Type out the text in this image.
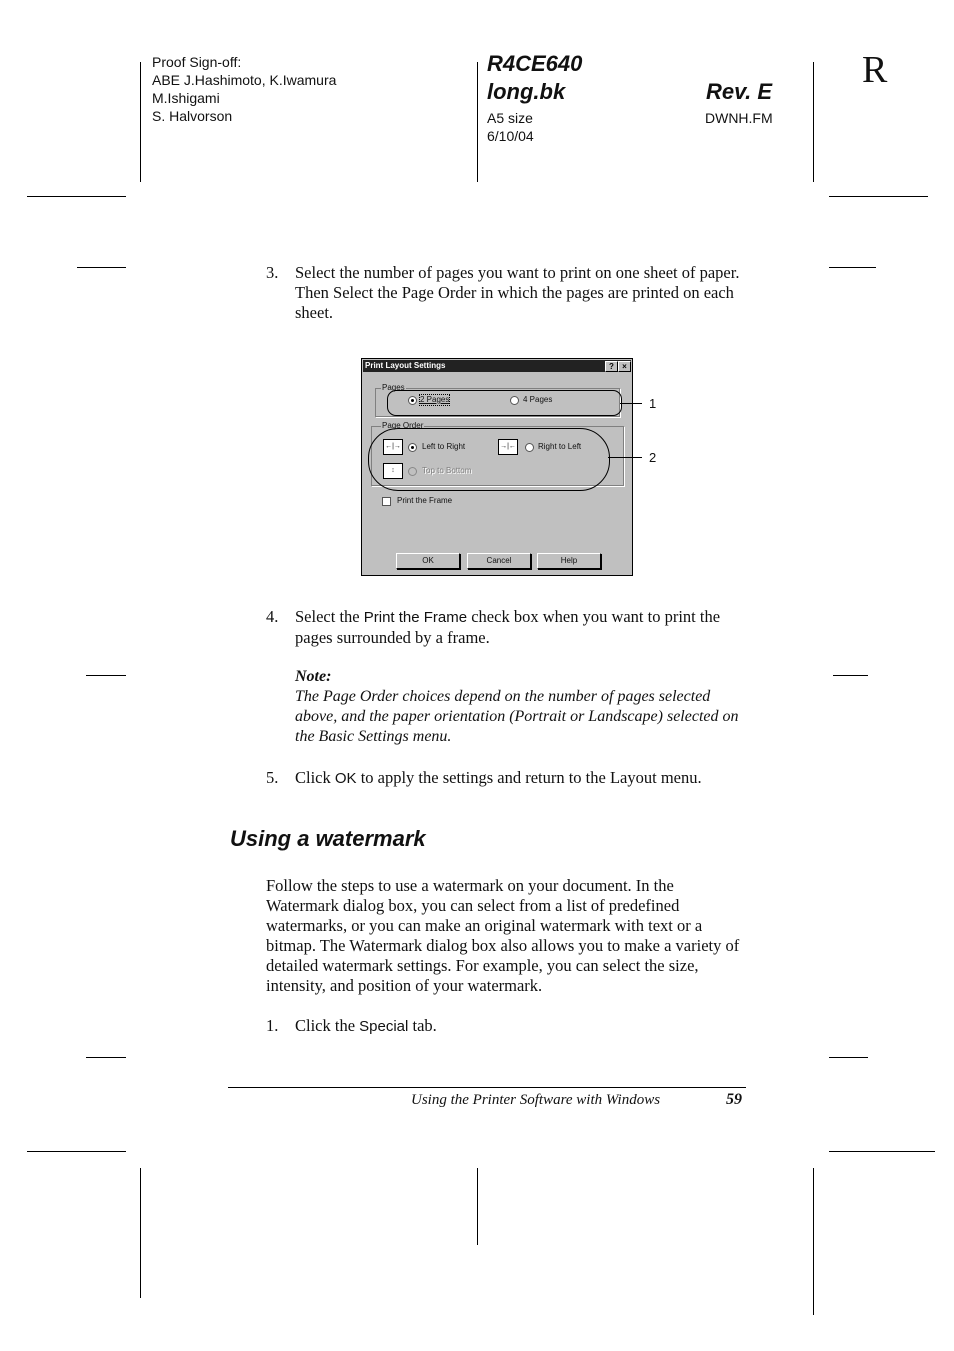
Proof Sign-off:
ABE J.Hashimoto, K.Iwamura
M.Ishigami
S. Halvorson
R4CE640
long.bk
A5 size
6/10/04
Rev. E
DWNH.FM
R
3. Select the number of pages you want to print on one sheet of paper. Then Select the Page Order in which the pages are printed on each sheet.
Print Layout Settings	?	×
Pages
2 Pages	4 Pages
Page Order
←|→	Left to Right	→|←	Right to Left
↕	Top to Bottom
Print the Frame
OK	Cancel	Help
1
2
4. Select the Print the Frame check box when you want to print the pages surrounded by a frame.
Note:
The Page Order choices depend on the number of pages selected above, and the paper orientation (Portrait or Landscape) selected on the Basic Settings menu.
5. Click OK to apply the settings and return to the Layout menu.
Using a watermark
Follow the steps to use a watermark on your document. In the Watermark dialog box, you can select from a list of predefined watermarks, or you can make an original watermark with text or a bitmap. The Watermark dialog box also allows you to make a variety of detailed watermark settings. For example, you can select the size, intensity, and position of your watermark.
1. Click the Special tab.
Using the Printer Software with Windows	59
